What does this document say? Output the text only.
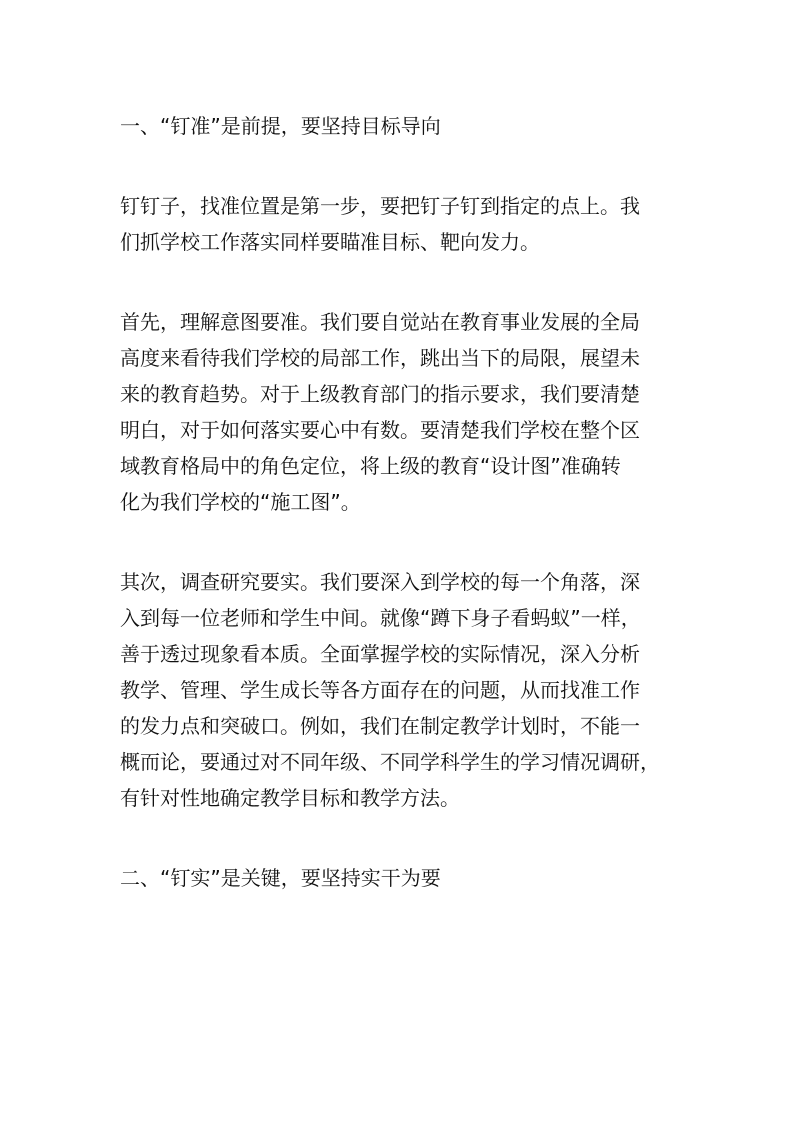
一、“钉准”是前提，要坚持目标导向
钉钉子，找准位置是第一步，要把钉子钉到指定的点上。我
们抓学校工作落实同样要瞄准目标、靶向发力。
首先，理解意图要准。我们要自觉站在教育事业发展的全局
高度来看待我们学校的局部工作，跳出当下的局限，展望未
来的教育趋势。对于上级教育部门的指示要求，我们要清楚
明白，对于如何落实要心中有数。要清楚我们学校在整个区
域教育格局中的角色定位，将上级的教育“设计图”准确转
化为我们学校的“施工图”。
其次，调查研究要实。我们要深入到学校的每一个角落，深
入到每一位老师和学生中间。就像“蹲下身子看蚂蚁”一样，
善于透过现象看本质。全面掌握学校的实际情况，深入分析
教学、管理、学生成长等各方面存在的问题，从而找准工作
的发力点和突破口。例如，我们在制定教学计划时，不能一
概而论，要通过对不同年级、不同学科学生的学习情况调研，
有针对性地确定教学目标和教学方法。
二、“钉实”是关键，要坚持实干为要
